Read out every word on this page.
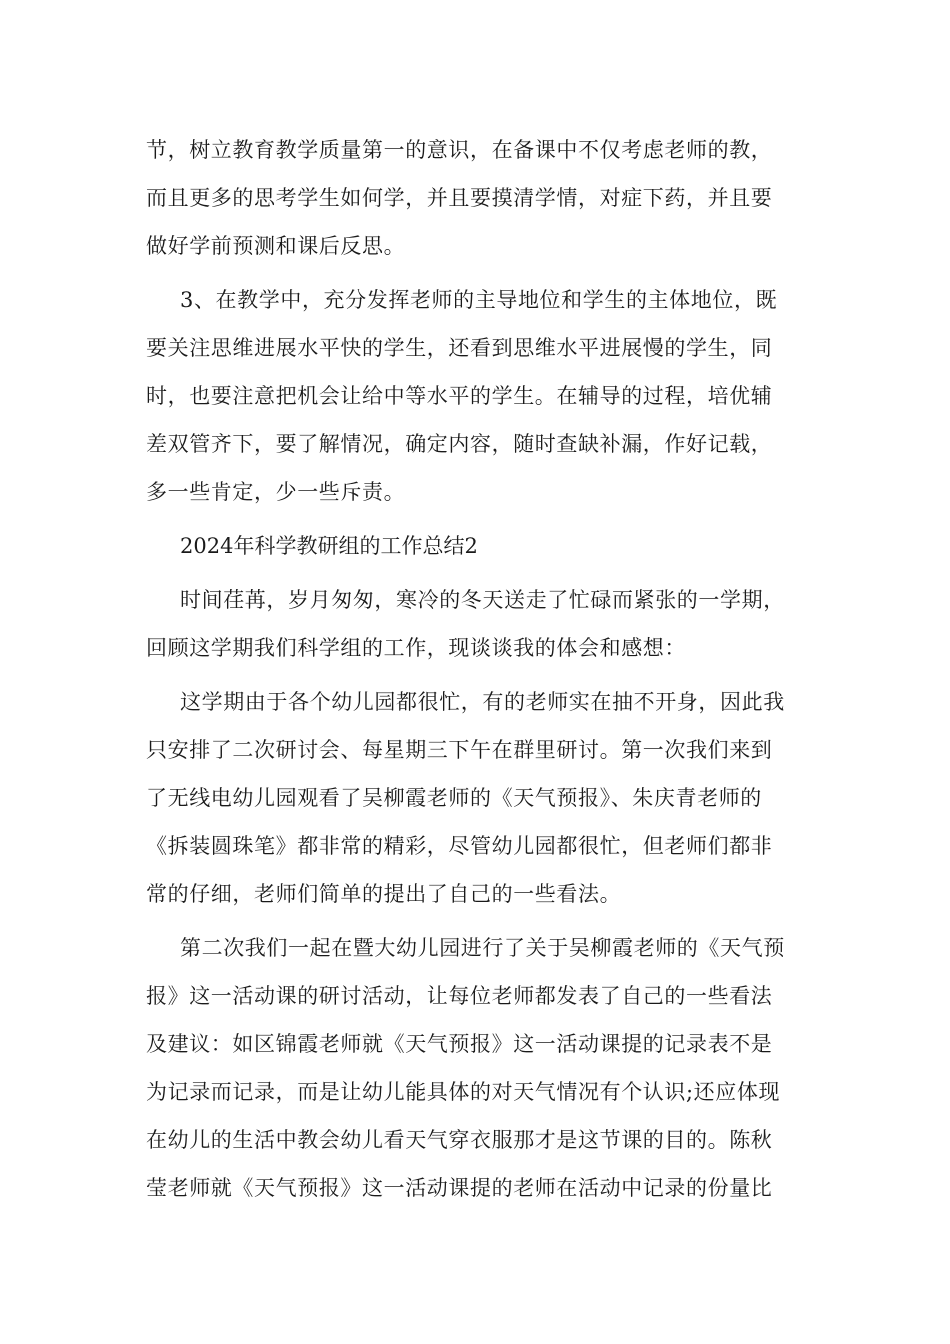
节，树立教育教学质量第一的意识，在备课中不仅考虑老师的教，
而且更多的思考学生如何学，并且要摸清学情，对症下药，并且要
做好学前预测和课后反思。
3、在教学中，充分发挥老师的主导地位和学生的主体地位，既
要关注思维进展水平快的学生，还看到思维水平进展慢的学生，同
时，也要注意把机会让给中等水平的学生。在辅导的过程，培优辅
差双管齐下，要了解情况，确定内容，随时查缺补漏，作好记载，
多一些肯定，少一些斥责。
2024年科学教研组的工作总结2
时间荏苒，岁月匆匆，寒冷的冬天送走了忙碌而紧张的一学期，
回顾这学期我们科学组的工作，现谈谈我的体会和感想：
这学期由于各个幼儿园都很忙，有的老师实在抽不开身，因此我
只安排了二次研讨会、每星期三下午在群里研讨。第一次我们来到
了无线电幼儿园观看了吴柳霞老师的《天气预报》、朱庆青老师的
《拆装圆珠笔》都非常的精彩，尽管幼儿园都很忙，但老师们都非
常的仔细，老师们简单的提出了自己的一些看法。
第二次我们一起在暨大幼儿园进行了关于吴柳霞老师的《天气预
报》这一活动课的研讨活动，让每位老师都发表了自己的一些看法
及建议：如区锦霞老师就《天气预报》这一活动课提的记录表不是
为记录而记录，而是让幼儿能具体的对天气情况有个认识;还应体现
在幼儿的生活中教会幼儿看天气穿衣服那才是这节课的目的。陈秋
莹老师就《天气预报》这一活动课提的老师在活动中记录的份量比
